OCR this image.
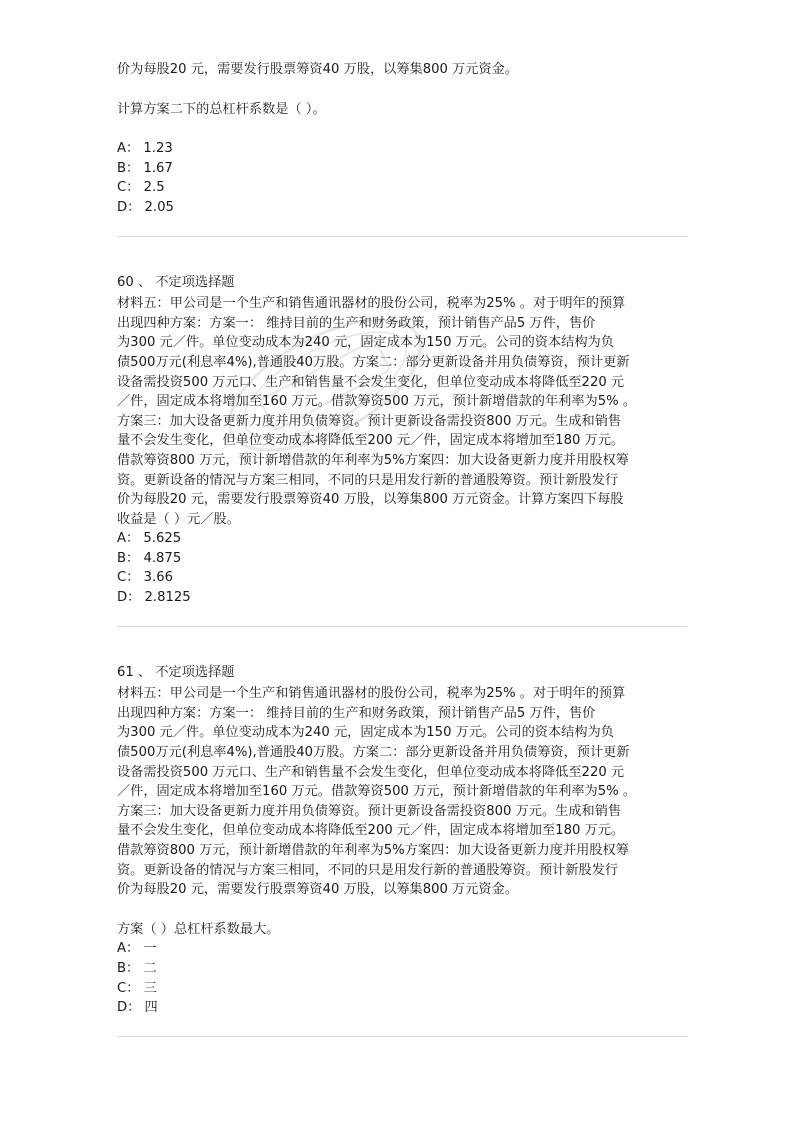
价为每股20 元，需要发行股票筹资40 万股，以筹集800 万元资金。

计算方案二下的总杠杆系数是（ ）。

A： 1.23
B： 1.67
C： 2.5
D： 2.05

60 、 不定项选择题

材料五：甲公司是一个生产和销售通讯器材的股份公司，税率为25% 。对于明年的预算

出现四种方案：方案一： 维持目前的生产和财务政策，预计销售产品5 万件，售价

为300 元／件。单位变动成本为240 元，固定成本为150 万元。公司的资本结构为负

债500万元(利息率4%),普通股40万股。方案二：部分更新设备并用负债筹资，预计更新

设备需投资500 万元口、生产和销售量不会发生变化，但单位变动成本将降低至220 元

／件，固定成本将增加至160 万元。借款筹资500 万元，预计新增借款的年利率为5% 。

方案三：加大设备更新力度并用负债筹资。预计更新设备需投资800 万元。生成和销售

量不会发生变化，但单位变动成本将降低至200 元／件，固定成本将增加至180 万元。

借款筹资800 万元，预计新增借款的年利率为5%方案四：加大设备更新力度并用股权筹

资。更新设备的情况与方案三相同，不同的只是用发行新的普通股筹资。预计新股发行

价为每股20 元，需要发行股票筹资40 万股，以筹集800 万元资金。计算方案四下每股

收益是（ ）元／股。

A： 5.625
B： 4.875
C： 3.66
D： 2.8125

61 、 不定项选择题

材料五：甲公司是一个生产和销售通讯器材的股份公司，税率为25% 。对于明年的预算

出现四种方案：方案一： 维持目前的生产和财务政策，预计销售产品5 万件，售价

为300 元／件。单位变动成本为240 元，固定成本为150 万元。公司的资本结构为负

债500万元(利息率4%),普通股40万股。方案二：部分更新设备并用负债筹资，预计更新

设备需投资500 万元口、生产和销售量不会发生变化，但单位变动成本将降低至220 元

／件，固定成本将增加至160 万元。借款筹资500 万元，预计新增借款的年利率为5% 。

方案三：加大设备更新力度并用负债筹资。预计更新设备需投资800 万元。生成和销售

量不会发生变化，但单位变动成本将降低至200 元／件，固定成本将增加至180 万元。

借款筹资800 万元，预计新增借款的年利率为5%方案四：加大设备更新力度并用股权筹

资。更新设备的情况与方案三相同，不同的只是用发行新的普通股筹资。预计新股发行

价为每股20 元，需要发行股票筹资40 万股，以筹集800 万元资金。

方案（ ）总杠杆系数最大。

A： 一
B： 二
C： 三
D： 四
